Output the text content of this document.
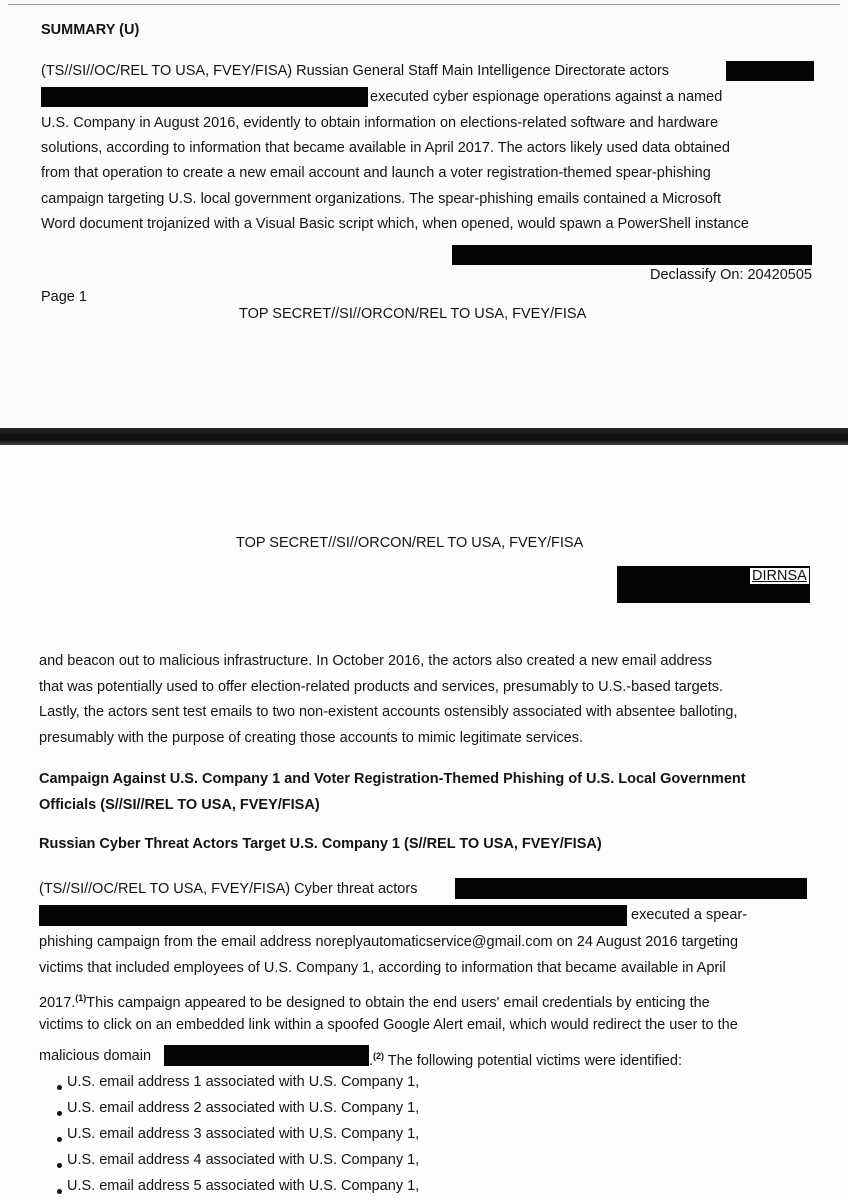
SUMMARY (U)
(TS//SI//OC/REL TO USA, FVEY/FISA) Russian General Staff Main Intelligence Directorate actors
executed cyber espionage operations against a named
U.S. Company in August 2016, evidently to obtain information on elections-related software and hardware
solutions, according to information that became available in April 2017. The actors likely used data obtained
from that operation to create a new email account and launch a voter registration-themed spear-phishing
campaign targeting U.S. local government organizations. The spear-phishing emails contained a Microsoft
Word document trojanized with a Visual Basic script which, when opened, would spawn a PowerShell instance
Declassify On: 20420505
Page 1
TOP SECRET//SI//ORCON/REL TO USA, FVEY/FISA
TOP SECRET//SI//ORCON/REL TO USA, FVEY/FISA
DIRNSA
and beacon out to malicious infrastructure. In October 2016, the actors also created a new email address
that was potentially used to offer election-related products and services, presumably to U.S.-based targets.
Lastly, the actors sent test emails to two non-existent accounts ostensibly associated with absentee balloting,
presumably with the purpose of creating those accounts to mimic legitimate services.
Campaign Against U.S. Company 1 and Voter Registration-Themed Phishing of U.S. Local Government
Officials (S//SI//REL TO USA, FVEY/FISA)
Russian Cyber Threat Actors Target U.S. Company 1 (S//REL TO USA, FVEY/FISA)
(TS//SI//OC/REL TO USA, FVEY/FISA) Cyber threat actors
executed a spear-
phishing campaign from the email address noreplyautomaticservice@gmail.com on 24 August 2016 targeting
victims that included employees of U.S. Company 1, according to information that became available in April
2017.$^{(1)}$This campaign appeared to be designed to obtain the end users' email credentials by enticing the
victims to click on an embedded link within a spoofed Google Alert email, which would redirect the user to the
malicious domain	.$^{(2)}$ The following potential victims were identified:
U.S. email address 1 associated with U.S. Company 1,
U.S. email address 2 associated with U.S. Company 1,
U.S. email address 3 associated with U.S. Company 1,
U.S. email address 4 associated with U.S. Company 1,
U.S. email address 5 associated with U.S. Company 1,
